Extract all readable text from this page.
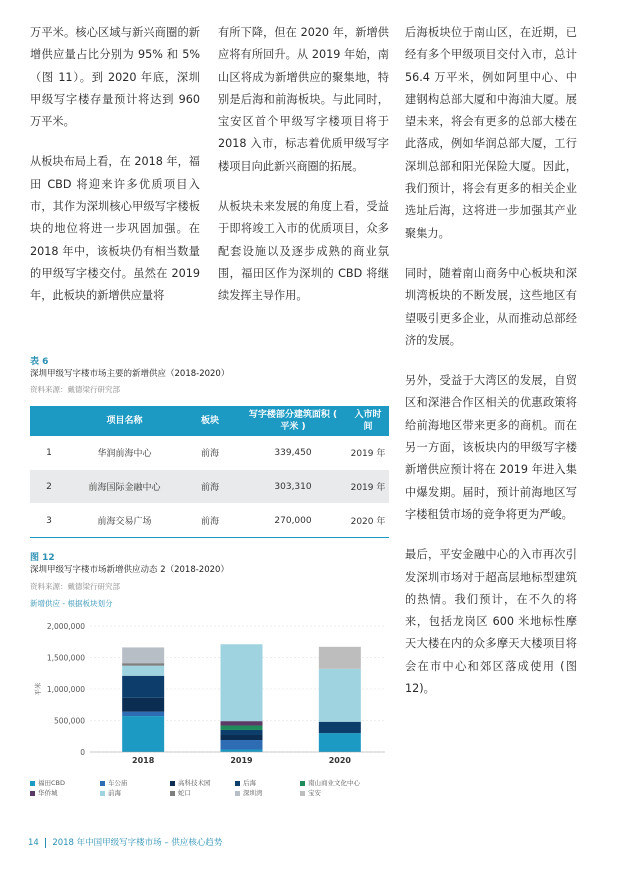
万平米。核心区域与新兴商圈的新增供应量占比分别为 95% 和 5%（图 11）。到 2020 年底，深圳甲级写字楼存量预计将达到 960 万平米。

从板块布局上看，在 2018 年，福田 CBD 将迎来许多优质项目入市，其作为深圳核心甲级写字楼板块的地位将进一步巩固加强。在 2018 年中，该板块仍有相当数量的甲级写字楼交付。虽然在 2019 年，此板块的新增供应量将

有所下降，但在 2020 年，新增供应将有所回升。从 2019 年始，南山区将成为新增供应的聚集地，特别是后海和前海板块。与此同时，宝安区首个甲级写字楼项目将于 2018 入市，标志着优质甲级写字楼项目向此新兴商圈的拓展。

从板块未来发展的角度上看，受益于即将竣工入市的优质项目，众多配套设施以及逐步成熟的商业氛围，福田区作为深圳的 CBD 将继续发挥主导作用。

后海板块位于南山区，在近期，已经有多个甲级项目交付入市，总计 56.4 万平米，例如阿里中心、中建钢构总部大厦和中海油大厦。展望未来，将会有更多的总部大楼在此落成，例如华润总部大厦，工行深圳总部和阳光保险大厦。因此，我们预计，将会有更多的相关企业选址后海，这将进一步加强其产业聚集力。

同时，随着南山商务中心板块和深圳湾板块的不断发展，这些地区有望吸引更多企业，从而推动总部经济的发展。

另外，受益于大湾区的发展，自贸区和深港合作区相关的优惠政策将给前海地区带来更多的商机。而在另一方面，该板块内的甲级写字楼新增供应预计将在 2019 年进入集中爆发期。届时，预计前海地区写字楼租赁市场的竞争将更为严峻。

最后，平安金融中心的入市再次引发深圳市场对于超高层地标型建筑的热情。我们预计，在不久的将来，包括龙岗区 600 米地标性摩天大楼在内的众多摩天大楼项目将会在市中心和郊区落成使用 (图 12)。

表 6
深圳甲级写字楼市场主要的新增供应（2018-2020）
资料来源：戴德梁行研究部
	项目名称	板块	写字楼部分建筑面积 ( 平米 )	入市时间
1	华润前海中心	前海	339,450	2019 年
2	前海国际金融中心	前海	303,310	2019 年
3	前海交易广场	前海	270,000	2020 年
图 12
深圳甲级写字楼市场新增供应动态 2（2018-2020）
资料来源：戴德梁行研究部
新增供应 - 根据板块划分
0
500,000
1,000,000
1,500,000
2,000,000
平米
2018	2019	2020
福田CBD	车公庙	高科技术园	后海	南山商业文化中心
华侨城	前海	蛇口	深圳湾	宝安
14 2018 年中国甲级写字楼市场 – 供应核心趋势
